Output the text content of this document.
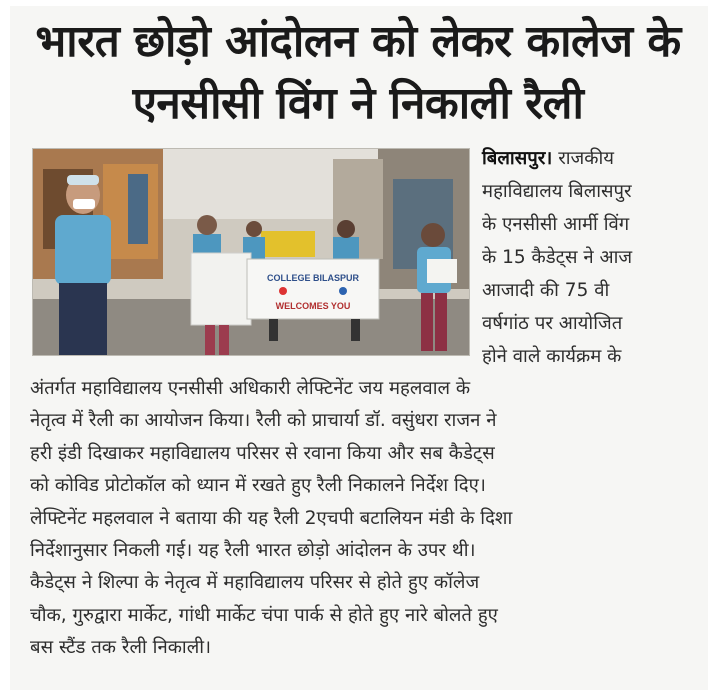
भारत छोड़ो आंदोलन को लेकर कालेज के
एनसीसी विंग ने निकाली रैली
COLLEGE BILASPUR
WELCOMES YOU
बिलासपुर। राजकीय
महाविद्यालय बिलासपुर
के एनसीसी आर्मी विंग
के 15 कैडेट्स ने आज
आजादी की 75 वी
वर्षगांठ पर आयोजित
होने वाले कार्यक्रम के
अंतर्गत महाविद्यालय एनसीसी अधिकारी लेफ्टिनेंट जय महलवाल के
नेतृत्व में रैली का आयोजन किया। रैली को प्राचार्या डॉ. वसुंधरा राजन ने
हरी इंडी दिखाकर महाविद्यालय परिसर से रवाना किया और सब कैडेट्स
को कोविड प्रोटोकॉल को ध्यान में रखते हुए रैली निकालने निर्देश दिए।
लेफ्टिनेंट महलवाल ने बताया की यह रैली 2एचपी बटालियन मंडी के दिशा
निर्देशानुसार निकली गई। यह रैली भारत छोड़ो आंदोलन के उपर थी।
कैडेट्स ने शिल्पा के नेतृत्व में महाविद्यालय परिसर से होते हुए कॉलेज
चौक, गुरुद्वारा मार्केट, गांधी मार्केट चंपा पार्क से होते हुए नारे बोलते हुए
बस स्टैंड तक रैली निकाली।
